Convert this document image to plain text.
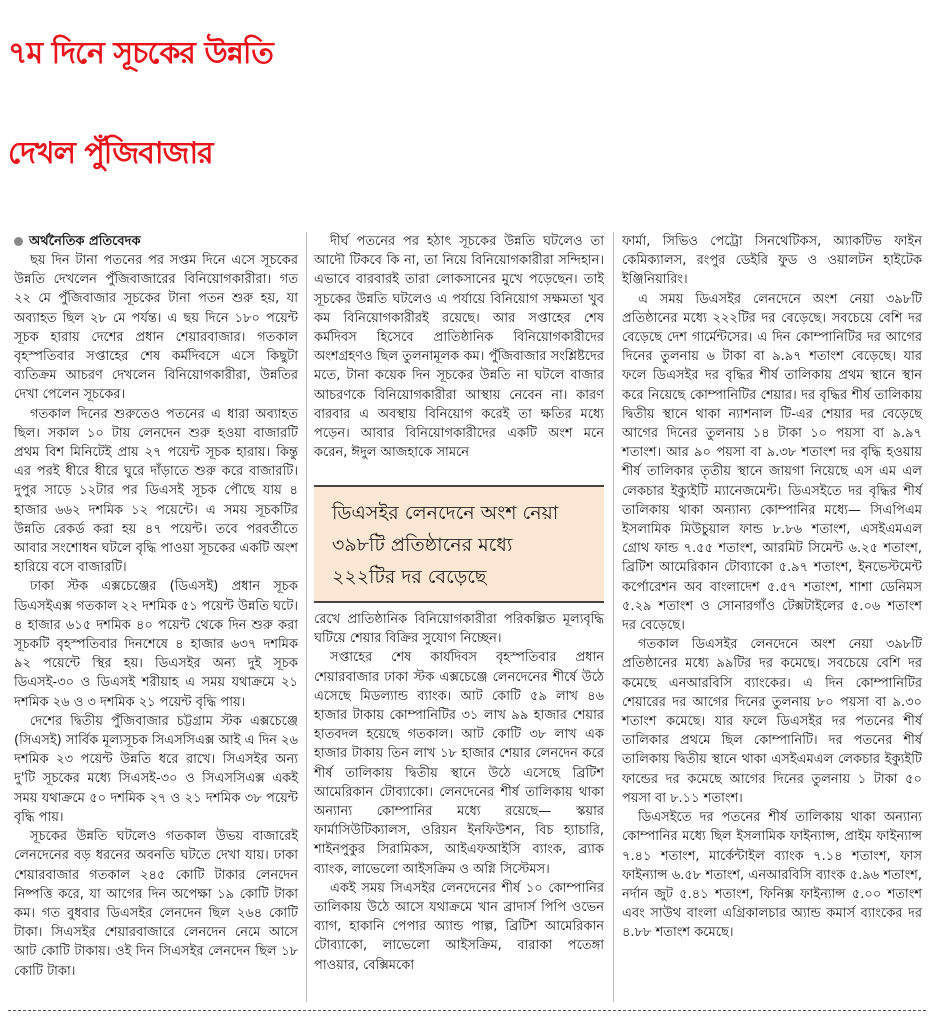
৭ম দিনে সূচকের উন্নতি
দেখল পুঁজিবাজার
অর্থনৈতিক প্রতিবেদক

ছয় দিন টানা পতনের পর সপ্তম দিনে এসে সূচকের উন্নতি দেখলেন পুঁজিবাজারের বিনিয়োগকারীরা। গত ২২ মে পুঁজিবাজার সূচকের টানা পতন শুরু হয়, যা অব্যাহত ছিল ২৮ মে পর্যন্ত। এ ছয় দিনে ১৮০ পয়েন্ট সূচক হারায় দেশের প্রধান শেয়ারবাজার। গতকাল বৃহস্পতিবার সপ্তাহের শেষ কর্মদিবসে এসে কিছুটা ব্যতিক্রম আচরণ দেখলেন বিনিয়োগকারীরা, উন্নতির দেখা পেলেন সূচকের।

গতকাল দিনের শুরুতেও পতনের এ ধারা অব্যাহত ছিল। সকাল ১০ টায় লেনদেন শুরু হওয়া বাজারটি প্রথম বিশ মিনিটেই প্রায় ২৭ পয়েন্ট সূচক হারায়। কিন্তু এর পরই ধীরে ধীরে ঘুরে দাঁড়াতে শুরু করে বাজারটি। দুপুর সাড়ে ১২টার পর ডিএসই সূচক পৌছে যায় ৪ হাজার ৬৬২ দশমিক ১২ পয়েন্টে। এ সময় সূচকটির উন্নতি রেকর্ড করা হয় ৪৭ পয়েন্ট। তবে পরবর্তীতে আবার সংশোধন ঘটলে বৃদ্ধি পাওয়া সূচকের একটি অংশ হারিয়ে বসে বাজারটি।

ঢাকা স্টক এক্সচেঞ্জের (ডিএসই) প্রধান সূচক ডিএসইএক্স গতকাল ২২ দশমিক ৫১ পয়েন্ট উন্নতি ঘটে। ৪ হাজার ৬১৫ দশমিক ৪০ পয়েন্ট থেকে দিন শুরু করা সূচকটি বৃহস্পতিবার দিনশেষে ৪ হাজার ৬৩৭ দশমিক ৯২ পয়েন্টে স্থির হয়। ডিএসইর অন্য দুই সূচক ডিএসই-৩০ ও ডিএসই শরীয়াহ এ সময় যথাক্রমে ২১ দশমিক ২৬ ও ৩ দশমিক ২১ পয়েন্ট বৃদ্ধি পায়।

দেশের দ্বিতীয় পুঁজিবাজার চট্টগ্রাম স্টক এক্সচেঞ্জে (সিএসই) সার্বিক মূল্যসূচক সিএসসিএক্স আই এ দিন ২৬ দশমিক ২৩ পয়েন্ট উন্নতি ধরে রাখে। সিএসইর অন্য দু'টি সূচকের মধ্যে সিএসই-৩০ ও সিএসসিএক্স একই সময় যথাক্রমে ৫০ দশমিক ২৭ ও ২১ দশমিক ৩৮ পয়েন্ট বৃদ্ধি পায়।

সূচকের উন্নতি ঘটলেও গতকাল উভয় বাজারেই লেনদেনের বড় ধরনের অবনতি ঘটতে দেখা যায়। ঢাকা শেয়ারবাজার গতকাল ২৪৫ কোটি টাকার লেনদেন নিষ্পত্তি করে, যা আগের দিন অপেক্ষা ১৯ কোটি টাকা কম। গত বুধবার ডিএসইর লেনদেন ছিল ২৬৪ কোটি টাকা। সিএসইর শেয়ারবাজারে লেনদেন নেমে আসে আট কোটি টাকায়। ওই দিন সিএসইর লেনদেন ছিল ১৮ কোটি টাকা।

দীর্ঘ পতনের পর হঠাৎ সূচকের উন্নতি ঘটলেও তা আদৌ টিকবে কি না, তা নিয়ে বিনিয়োগকারীরা সন্দিহান। এভাবে বারবারই তারা লোকসানের মুখে পড়েছেন। তাই সূচকের উন্নতি ঘটলেও এ পর্যায়ে বিনিয়োগ সক্ষমতা খুব কম বিনিয়োগকারীরই রয়েছে। আর সপ্তাহের শেষ কর্মদিবস হিসেবে প্রাতিষ্ঠানিক বিনিয়োগকারীদের অংশগ্রহণও ছিল তুলনামূলক কম। পুঁজিবাজার সংশ্লিষ্টদের মতে, টানা কয়েক দিন সূচকের উন্নতি না ঘটলে বাজার আচরণকে বিনিয়োগকারীরা আস্থায় নেবেন না। কারণ বারবার এ অবস্থায় বিনিয়োগ করেই তা ক্ষতির মধ্যে পড়েন। আবার বিনিয়োগকারীদের একটি অংশ মনে করেন, ঈদুল আজহাকে সামনে

ডিএসইর লেনদেনে অংশ নেয়া
৩৯৮টি প্রতিষ্ঠানের মধ্যে
২২২টির দর বেড়েছে

রেখে প্রাতিষ্ঠানিক বিনিয়োগকারীরা পরিকল্পিত মূল্যবৃদ্ধি ঘটিয়ে শেয়ার বিক্রির সুযোগ নিচ্ছেন।

সপ্তাহের শেষ কার্যদিবস বৃহস্পতিবার প্রধান শেয়ারবাজার ঢাকা স্টক এক্সচেঞ্জে লেনদেনের শীর্ষে উঠে এসেছে মিডল্যান্ড ব্যাংক। আট কোটি ৫৯ লাখ ৪৬ হাজার টাকায় কোম্পানিটির ৩১ লাখ ৯৯ হাজার শেয়ার হাতবদল হয়েছে গতকাল। আট কোটি ৩৮ লাখ এক হাজার টাকায় তিন লাখ ১৮ হাজার শেয়ার লেনদেন করে শীর্ষ তালিকায় দ্বিতীয় স্থানে উঠে এসেছে ব্রিটিশ আমেরিকান টোব্যাকো। লেনদেনের শীর্ষ তালিকায় থাকা অন্যান্য কোম্পানির মধ্যে রয়েছে— স্কয়ার ফার্মাসিউটিক্যালস, ওরিয়ন ইনফিউশন, বিচ হ্যাচারি, শাইনপুকুর সিরামিকস, আইএফআইসি ব্যাংক, ব্র্যাক ব্যাংক, লাভেলো আইসক্রিম ও অগ্নি সিস্টেমস।

একই সময় সিএসইর লেনদেনের শীর্ষ ১০ কোম্পানির তালিকায় উঠে আসে যথাক্রমে খান ব্রাদার্স পিপি ওভেন ব্যাগ, হাকানি পেপার অ্যান্ড পাল্প, ব্রিটিশ আমেরিকান টোব্যাকো, লাভেলো আইসক্রিম, বারাকা পতেঙ্গা পাওয়ার, বেক্সিমকো

ফার্মা, সিভিও পেট্রো সিনথেটিকস, অ্যাকটিভ ফাইন কেমিক্যালস, রংপুর ডেইরি ফুড ও ওয়ালটন হাইটেক ইঞ্জিনিয়ারিং।

এ সময় ডিএসইর লেনদেনে অংশ নেয়া ৩৯৮টি প্রতিষ্ঠানের মধ্যে ২২২টির দর বেড়েছে। সবচেয়ে বেশি দর বেড়েছে দেশ গার্মেন্টসের। এ দিন কোম্পানিটির দর আগের দিনের তুলনায় ৬ টাকা বা ৯.৯৭ শতাংশ বেড়েছে। যার ফলে ডিএসইর দর বৃদ্ধির শীর্ষ তালিকায় প্রথম স্থানে স্থান করে নিয়েছে কোম্পানিটির শেয়ার। দর বৃদ্ধির শীর্ষ তালিকায় দ্বিতীয় স্থানে থাকা ন্যাশনাল টি-এর শেয়ার দর বেড়েছে আগের দিনের তুলনায় ১৪ টাকা ১০ পয়সা বা ৯.৯৭ শতাংশ। আর ৯০ পয়সা বা ৯.৩৮ শতাংশ দর বৃদ্ধি হওয়ায় শীর্ষ তালিকার তৃতীয় স্থানে জায়গা নিয়েছে এস এম এল লেকচার ইক্যুইটি ম্যানেজমেন্ট। ডিএসইতে দর বৃদ্ধির শীর্ষ তালিকায় থাকা অন্যান্য কোম্পানির মধ্যে— সিএপিএম ইসলামিক মিউচুয়াল ফান্ড ৮.৮৬ শতাংশ, এসইএমএল গ্রোথ ফান্ড ৭.৫৫ শতাংশ, আরমিট সিমেন্ট ৬.২৫ শতাংশ, ব্রিটিশ আমেরিকান টোব্যাকো ৫.৯৭ শতাংশ, ইনভেস্টমেন্ট কর্পোরেশন অব বাংলাদেশ ৫.৫৭ শতাংশ, শাশা ডেনিমস ৫.২৯ শতাংশ ও সোনারগাঁও টেক্সটাইলের ৫.০৬ শতাংশ দর বেড়েছে।

গতকাল ডিএসইর লেনদেনে অংশ নেয়া ৩৯৮টি প্রতিষ্ঠানের মধ্যে ৯৯টির দর কমেছে। সবচেয়ে বেশি দর কমেছে এনআরবিসি ব্যাংকের। এ দিন কোম্পানিটির শেয়ারের দর আগের দিনের তুলনায় ৮০ পয়সা বা ৯.৩০ শতাংশ কমেছে। যার ফলে ডিএসইর দর পতনের শীর্ষ তালিকার প্রথমে ছিল কোম্পানিটি। দর পতনের শীর্ষ তালিকায় দ্বিতীয় স্থানে থাকা এসইএমএল লেকচার ইক্যুইটি ফান্ডের দর কমেছে আগের দিনের তুলনায় ১ টাকা ৫০ পয়সা বা ৮.১১ শতাংশ।

ডিএসইতে দর পতনের শীর্ষ তালিকায় থাকা অন্যান্য কোম্পানির মধ্যে ছিল ইসলামিক ফাইন্যান্স, প্রাইম ফাইন্যান্স ৭.৪১ শতাংশ, মার্কেন্টাইল ব্যাংক ৭.১৪ শতাংশ, ফাস ফাইন্যান্স ৬.৫৮ শতাংশ, এনআরবিসি ব্যাংক ৫.৯৬ শতাংশ, নর্দান জুট ৫.৪১ শতাংশ, ফিনিক্স ফাইন্যান্স ৫.০০ শতাংশ এবং সাউথ বাংলা এগ্রিকালচার অ্যান্ড কমার্স ব্যাংকের দর ৪.৮৮ শতাংশ কমেছে।
